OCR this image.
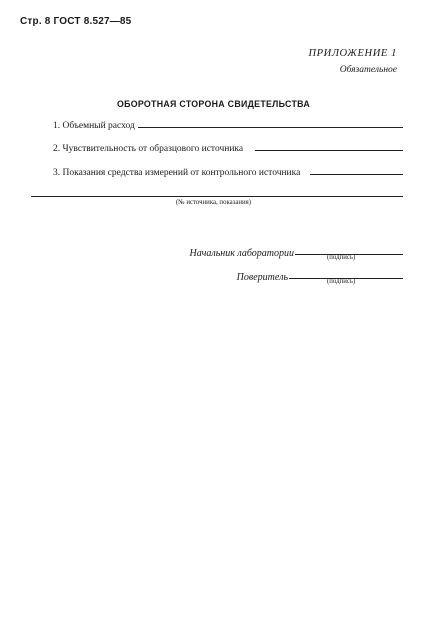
Стр. 8 ГОСТ 8.527—85
ПРИЛОЖЕНИЕ 1
Обязательное
ОБОРОТНАЯ СТОРОНА СВИДЕТЕЛЬСТВА
1. Объемный расход
2. Чувствительность от образцового источника
3. Показания средства измерений от контрольного источника
(№ источника, показания)
Начальник лаборатории	(подпись)
Поверитель	(подпись)
